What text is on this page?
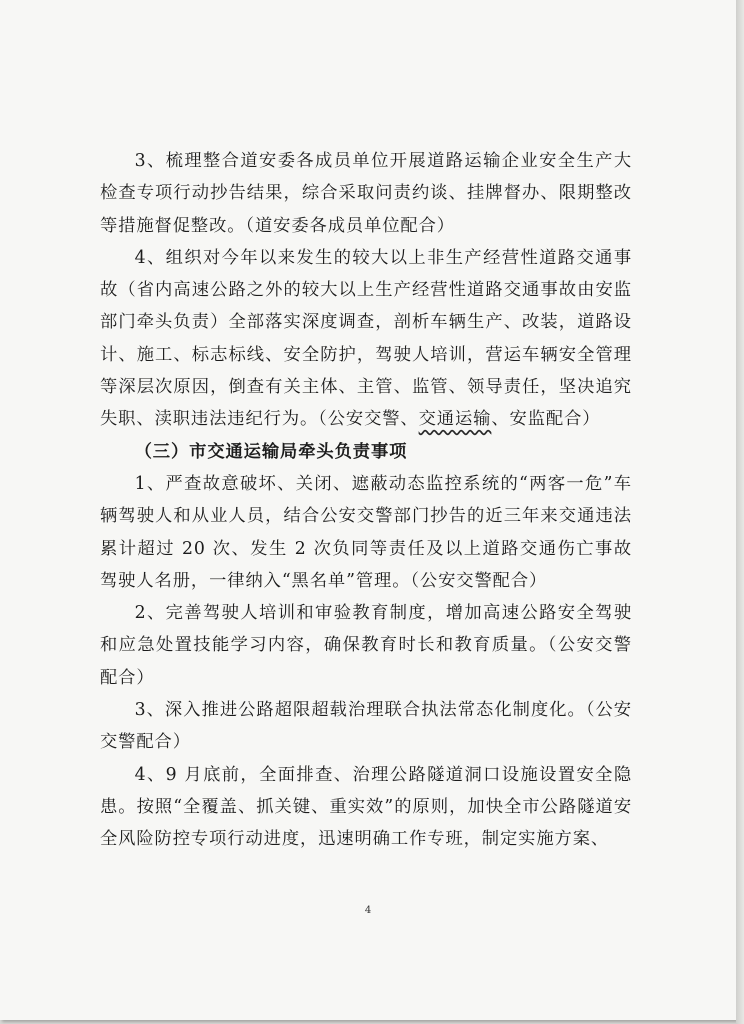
3、梳理整合道安委各成员单位开展道路运输企业安全生产大检查专项行动抄告结果，综合采取问责约谈、挂牌督办、限期整改等措施督促整改。（道安委各成员单位配合）

4、组织对今年以来发生的较大以上非生产经营性道路交通事故（省内高速公路之外的较大以上生产经营性道路交通事故由安监部门牵头负责）全部落实深度调查，剖析车辆生产、改装，道路设计、施工、标志标线、安全防护，驾驶人培训，营运车辆安全管理等深层次原因，倒查有关主体、主管、监管、领导责任，坚决追究失职、渎职违法违纪行为。（公安交警、交通运输、安监配合）

（三）市交通运输局牵头负责事项

1、严查故意破坏、关闭、遮蔽动态监控系统的“两客一危”车辆驾驶人和从业人员，结合公安交警部门抄告的近三年来交通违法累计超过 20 次、发生 2 次负同等责任及以上道路交通伤亡事故驾驶人名册，一律纳入“黑名单”管理。（公安交警配合）

2、完善驾驶人培训和审验教育制度，增加高速公路安全驾驶和应急处置技能学习内容，确保教育时长和教育质量。（公安交警配合）

3、深入推进公路超限超载治理联合执法常态化制度化。（公安交警配合）

4、9 月底前，全面排查、治理公路隧道洞口设施设置安全隐患。按照“全覆盖、抓关键、重实效”的原则，加快全市公路隧道安全风险防控专项行动进度，迅速明确工作专班，制定实施方案、

4
